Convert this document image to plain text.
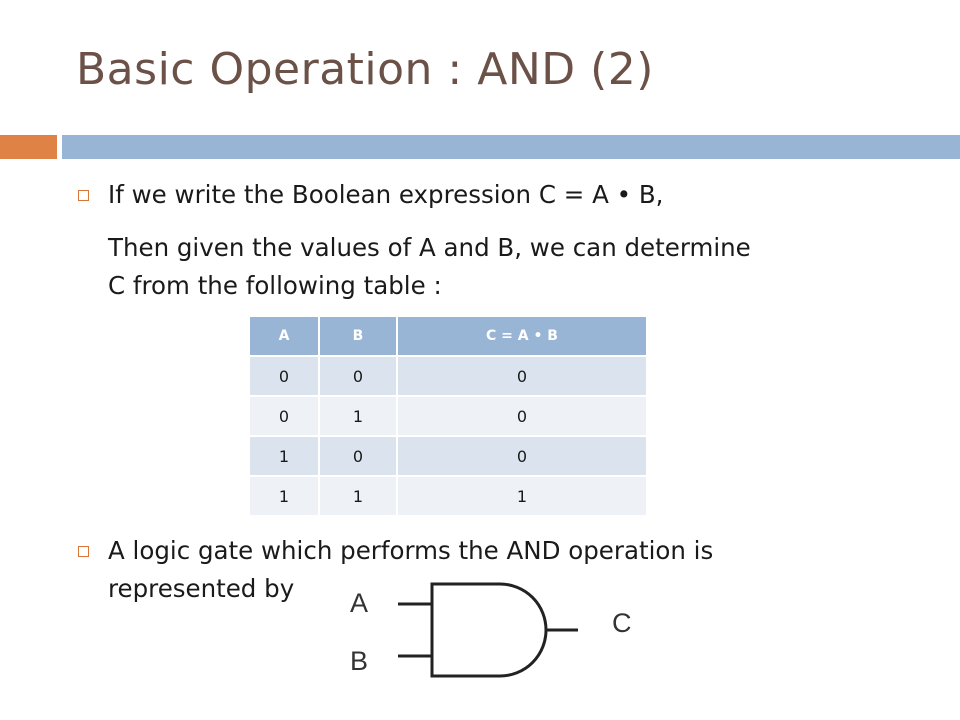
Basic Operation : AND (2)
If we write the Boolean expression C = A • B,
Then given the values of A and B, we can determine
C from the following table :
A	B	C = A • B
0	0	0
0	1	0
1	0	0
1	1	1
A logic gate which performs the AND operation is
represented by A
B
C
